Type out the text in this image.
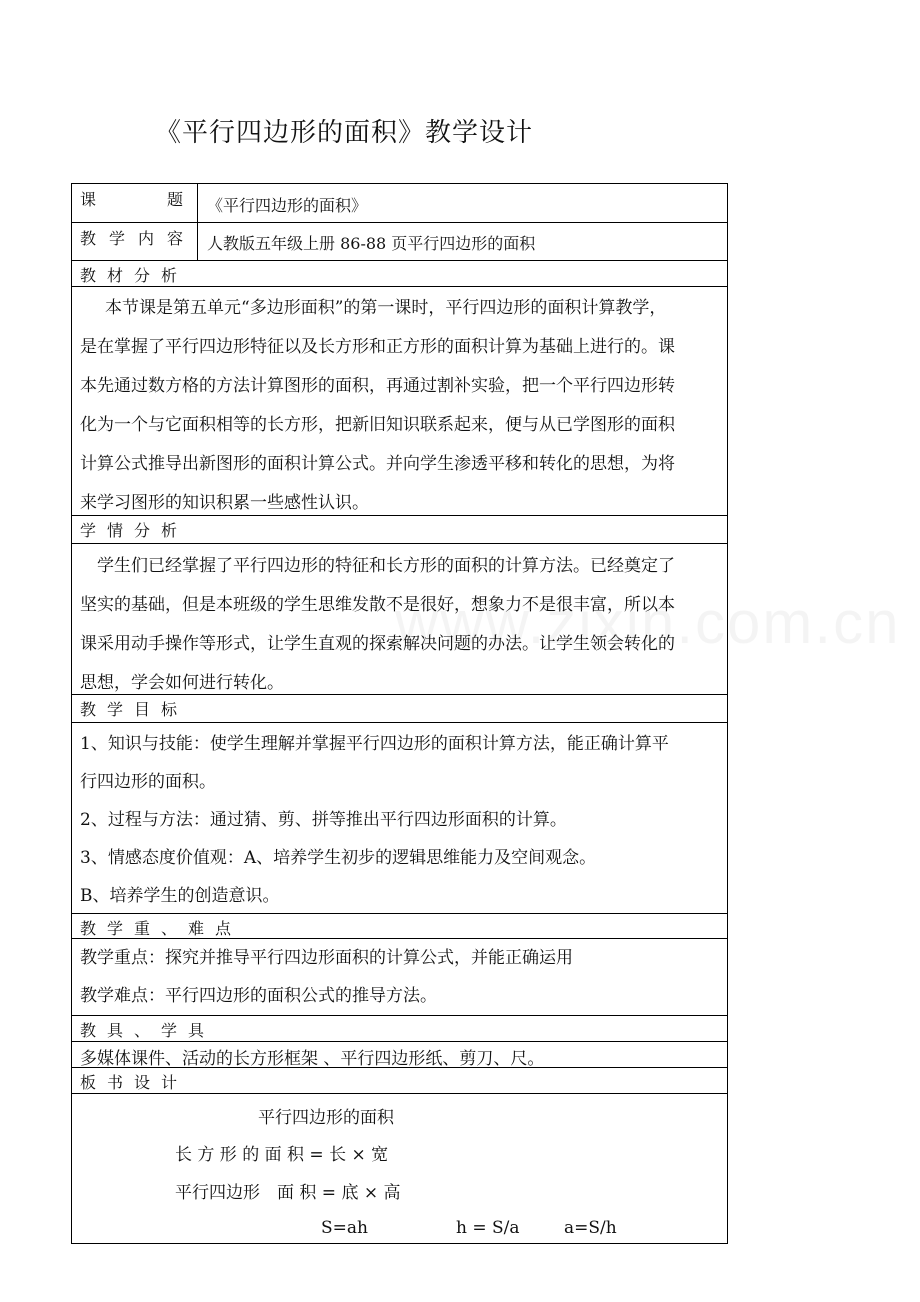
《平行四边形的面积》教学设计
课	题	《平行四边形的面积》
教学内容 人教版五年级上册 86-88 页平行四边形的面积
教材分析

本节课是第五单元“多边形面积”的第一课时，平行四边形的面积计算教学，

是在掌握了平行四边形特征以及长方形和正方形的面积计算为基础上进行的。课

本先通过数方格的方法计算图形的面积，再通过割补实验，把一个平行四边形转

化为一个与它面积相等的长方形，把新旧知识联系起来，便与从已学图形的面积

计算公式推导出新图形的面积计算公式。并向学生渗透平移和转化的思想，为将

来学习图形的知识积累一些感性认识。

学情分析

学生们已经掌握了平行四边形的特征和长方形的面积的计算方法。已经奠定了

坚实的基础，但是本班级的学生思维发散不是很好，想象力不是很丰富，所以本

课采用动手操作等形式，让学生直观的探索解决问题的办法。让学生领会转化的

思想，学会如何进行转化。

教学目标

1、知识与技能：使学生理解并掌握平行四边形的面积计算方法，能正确计算平

行四边形的面积。

2、过程与方法：通过猜、剪、拼等推出平行四边形面积的计算。

3、情感态度价值观：A、培养学生初步的逻辑思维能力及空间观念。

B、培养学生的创造意识。

教学重、难点

教学重点：探究并推导平行四边形面积的计算公式，并能正确运用

教学难点：平行四边形的面积公式的推导方法。

教具、学具
多媒体课件、活动的长方形框架 、平行四边形纸、剪刀、尺。
板书设计
平行四边形的面积
长 方 形 的 面 积 = 长 × 宽
平行四边形　面 积 = 底 × 高
S=ah	h = S/a	a=S/h
